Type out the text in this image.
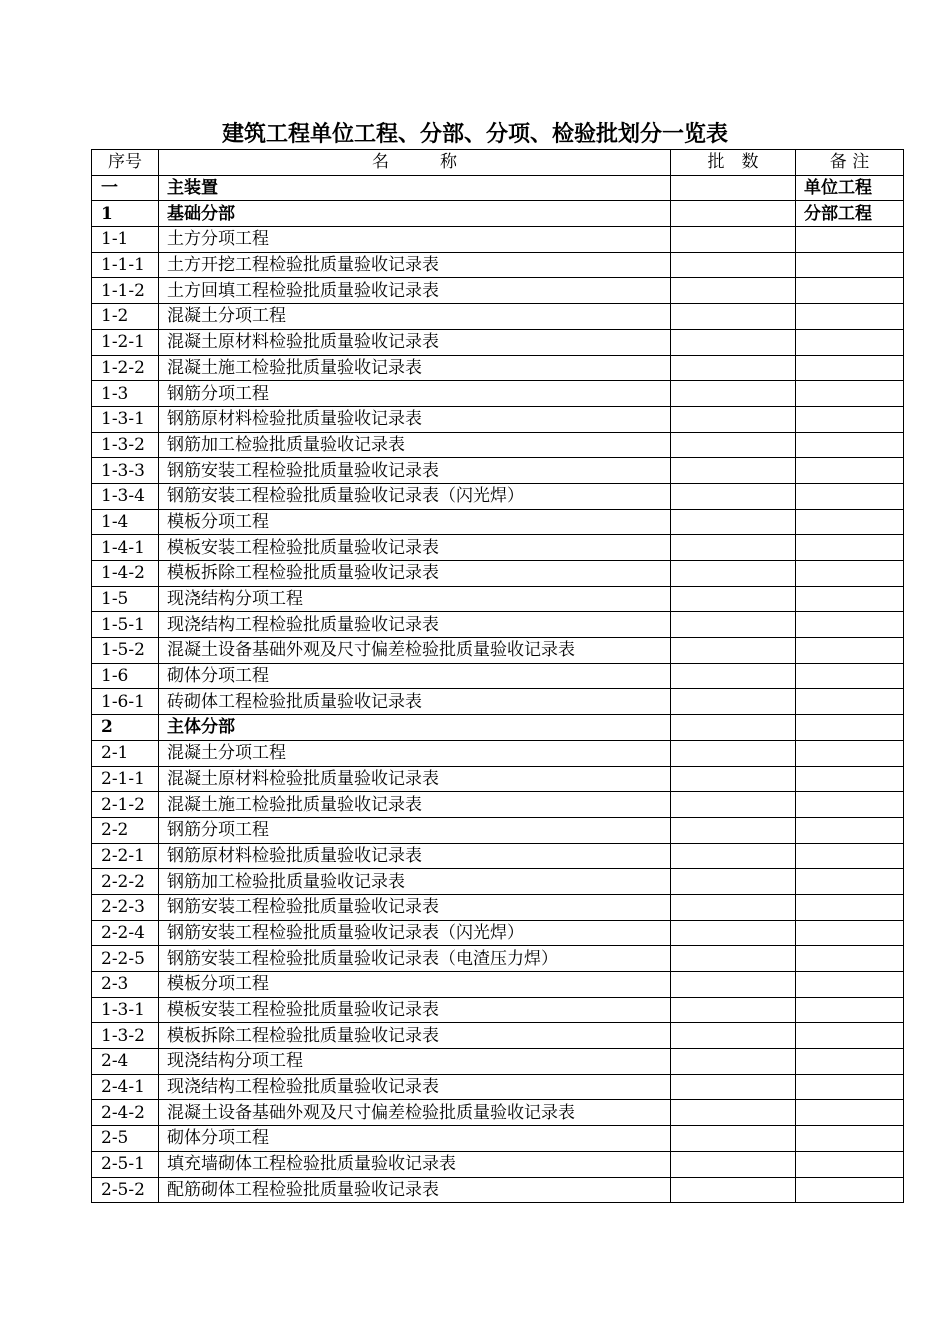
建筑工程单位工程、分部、分项、检验批划分一览表
序号	名　　　称	批　数	备 注
一	主装置		单位工程
1	基础分部		分部工程
1-1	土方分项工程		
1-1-1	土方开挖工程检验批质量验收记录表		
1-1-2	土方回填工程检验批质量验收记录表		
1-2	混凝土分项工程		
1-2-1	混凝土原材料检验批质量验收记录表		
1-2-2	混凝土施工检验批质量验收记录表		
1-3	钢筋分项工程		
1-3-1	钢筋原材料检验批质量验收记录表		
1-3-2	钢筋加工检验批质量验收记录表		
1-3-3	钢筋安装工程检验批质量验收记录表		
1-3-4	钢筋安装工程检验批质量验收记录表（闪光焊）		
1-4	模板分项工程		
1-4-1	模板安装工程检验批质量验收记录表		
1-4-2	模板拆除工程检验批质量验收记录表		
1-5	现浇结构分项工程		
1-5-1	现浇结构工程检验批质量验收记录表		
1-5-2	混凝土设备基础外观及尺寸偏差检验批质量验收记录表		
1-6	砌体分项工程		
1-6-1	砖砌体工程检验批质量验收记录表		
2	主体分部		
2-1	混凝土分项工程		
2-1-1	混凝土原材料检验批质量验收记录表		
2-1-2	混凝土施工检验批质量验收记录表		
2-2	钢筋分项工程		
2-2-1	钢筋原材料检验批质量验收记录表		
2-2-2	钢筋加工检验批质量验收记录表		
2-2-3	钢筋安装工程检验批质量验收记录表		
2-2-4	钢筋安装工程检验批质量验收记录表（闪光焊）		
2-2-5	钢筋安装工程检验批质量验收记录表（电渣压力焊）		
2-3	模板分项工程		
1-3-1	模板安装工程检验批质量验收记录表		
1-3-2	模板拆除工程检验批质量验收记录表		
2-4	现浇结构分项工程		
2-4-1	现浇结构工程检验批质量验收记录表		
2-4-2	混凝土设备基础外观及尺寸偏差检验批质量验收记录表		
2-5	砌体分项工程		
2-5-1	填充墙砌体工程检验批质量验收记录表		
2-5-2	配筋砌体工程检验批质量验收记录表		
